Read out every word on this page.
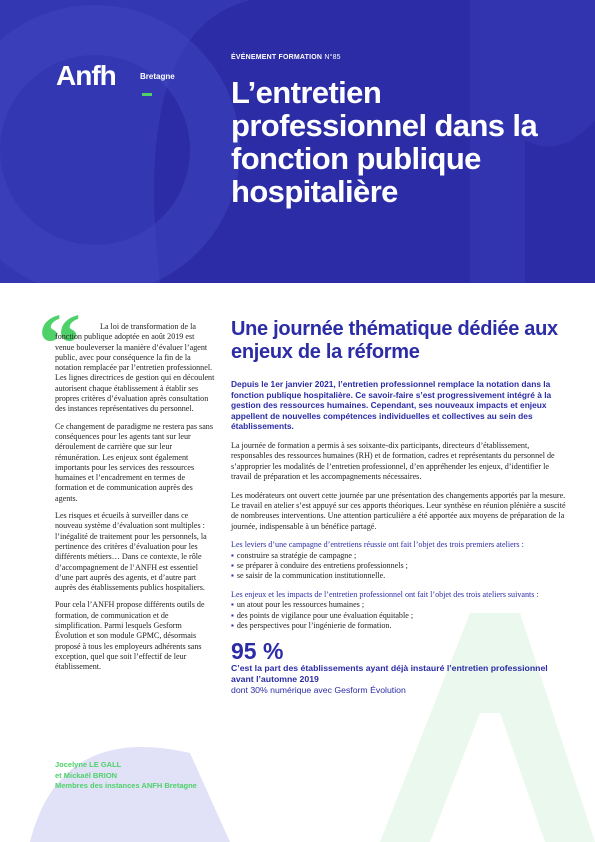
Anfh	Bretagne
ÉVÉNEMENT FORMATION N°85
L’entretien professionnel dans la fonction publique hospitalière
“	La loi de transformation de la fonction publique adoptée en août 2019 est venue bouleverser la manière d’évaluer l’agent public, avec pour conséquence la fin de la notation remplacée par l’entretien professionnel. Les lignes directrices de gestion qui en découlent autorisent chaque établissement à établir ses propres critères d’évaluation après consultation des instances représentatives du personnel.

Ce changement de paradigme ne restera pas sans conséquences pour les agents tant sur leur déroulement de carrière que sur leur rémunération. Les enjeux sont également importants pour les services des ressources humaines et l’encadrement en termes de formation et de communication auprès des agents.

Les risques et écueils à surveiller dans ce nouveau système d’évaluation sont multiples : l’inégalité de traitement pour les personnels, la pertinence des critères d’évaluation pour les différents métiers… Dans ce contexte, le rôle d’accompagnement de l’ANFH est essentiel d’une part auprès des agents, et d’autre part auprès des établissements publics hospitaliers.

Pour cela l’ANFH propose différents outils de formation, de communication et de simplification. Parmi lesquels Gesform Évolution et son module GPMC, désormais proposé à tous les employeurs adhérents sans exception, quel que soit l’effectif de leur établissement.

Jocelyne LE GALL
et Mickaël BRION
Membres des instances ANFH Bretagne
Une journée thématique dédiée aux enjeux de la réforme

Depuis le 1er janvier 2021, l’entretien professionnel remplace la notation dans la fonction publique hospitalière. Ce savoir-faire s’est progressivement intégré à la gestion des ressources humaines. Cependant, ses nouveaux impacts et enjeux appellent de nouvelles compétences individuelles et collectives au sein des établissements.

La journée de formation a permis à ses soixante-dix participants, directeurs d’établissement, responsables des ressources humaines (RH) et de formation, cadres et représentants du personnel de s’approprier les modalités de l’entretien professionnel, d’en appréhender les enjeux, d’identifier le travail de préparation et les accompagnements nécessaires.

Les modérateurs ont ouvert cette journée par une présentation des changements apportés par la mesure. Le travail en atelier s’est appuyé sur ces apports théoriques. Leur synthèse en réunion plénière a suscité de nombreuses interventions. Une attention particulière a été apportée aux moyens de préparation de la journée, indispensable à un bénéfice partagé.

Les leviers d’une campagne d’entretiens réussie ont fait l’objet des trois premiers ateliers :

▪ construire sa stratégie de campagne ;
▪ se préparer à conduire des entretiens professionnels ;
▪ se saisir de la communication institutionnelle.

Les enjeux et les impacts de l’entretien professionnel ont fait l’objet des trois ateliers suivants :

▪ un atout pour les ressources humaines ;
▪ des points de vigilance pour une évaluation équitable ;
▪ des perspectives pour l’ingénierie de formation.
95 %
C’est la part des établissements ayant déjà instauré l’entretien professionnel avant l’automne 2019
dont 30% numérique avec Gesform Évolution
